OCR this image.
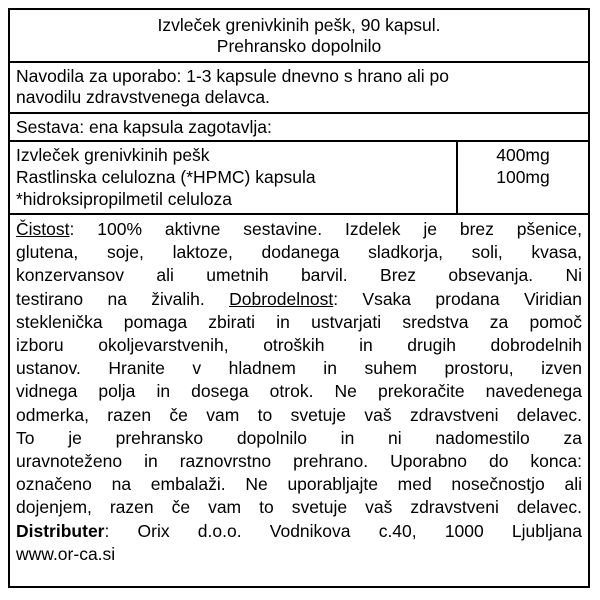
Izvleček grenivkinih pešk, 90 kapsul.
Prehransko dopolnilo
Navodila za uporabo: 1-3 kapsule dnevno s hrano ali po
navodilu zdravstvenega delavca.
Sestava: ena kapsula zagotavlja:
Izvleček grenivkinih pešk
Rastlinska celulozna (*HPMC) kapsula
*hidroksipropilmetil celuloza
400mg
100mg
Čistost: 100% aktivne sestavine. Izdelek je brez pšenice,
glutena, soje, laktoze, dodanega sladkorja, soli, kvasa,
konzervansov ali umetnih barvil. Brez obsevanja. Ni
testirano na živalih. Dobrodelnost: Vsaka prodana Viridian
steklenička pomaga zbirati in ustvarjati sredstva za pomoč
izboru okoljevarstvenih, otroških in drugih dobrodelnih
ustanov. Hranite v hladnem in suhem prostoru, izven
vidnega polja in dosega otrok. Ne prekoračite navedenega
odmerka, razen če vam to svetuje vaš zdravstveni delavec.
To je prehransko dopolnilo in ni nadomestilo za
uravnoteženo in raznovrstno prehrano. Uporabno do konca:
označeno na embalaži. Ne uporabljajte med nosečnostjo ali
dojenjem, razen če vam to svetuje vaš zdravstveni delavec.
Distributer: Orix d.o.o. Vodnikova c.40, 1000 Ljubljana
www.or-ca.si
